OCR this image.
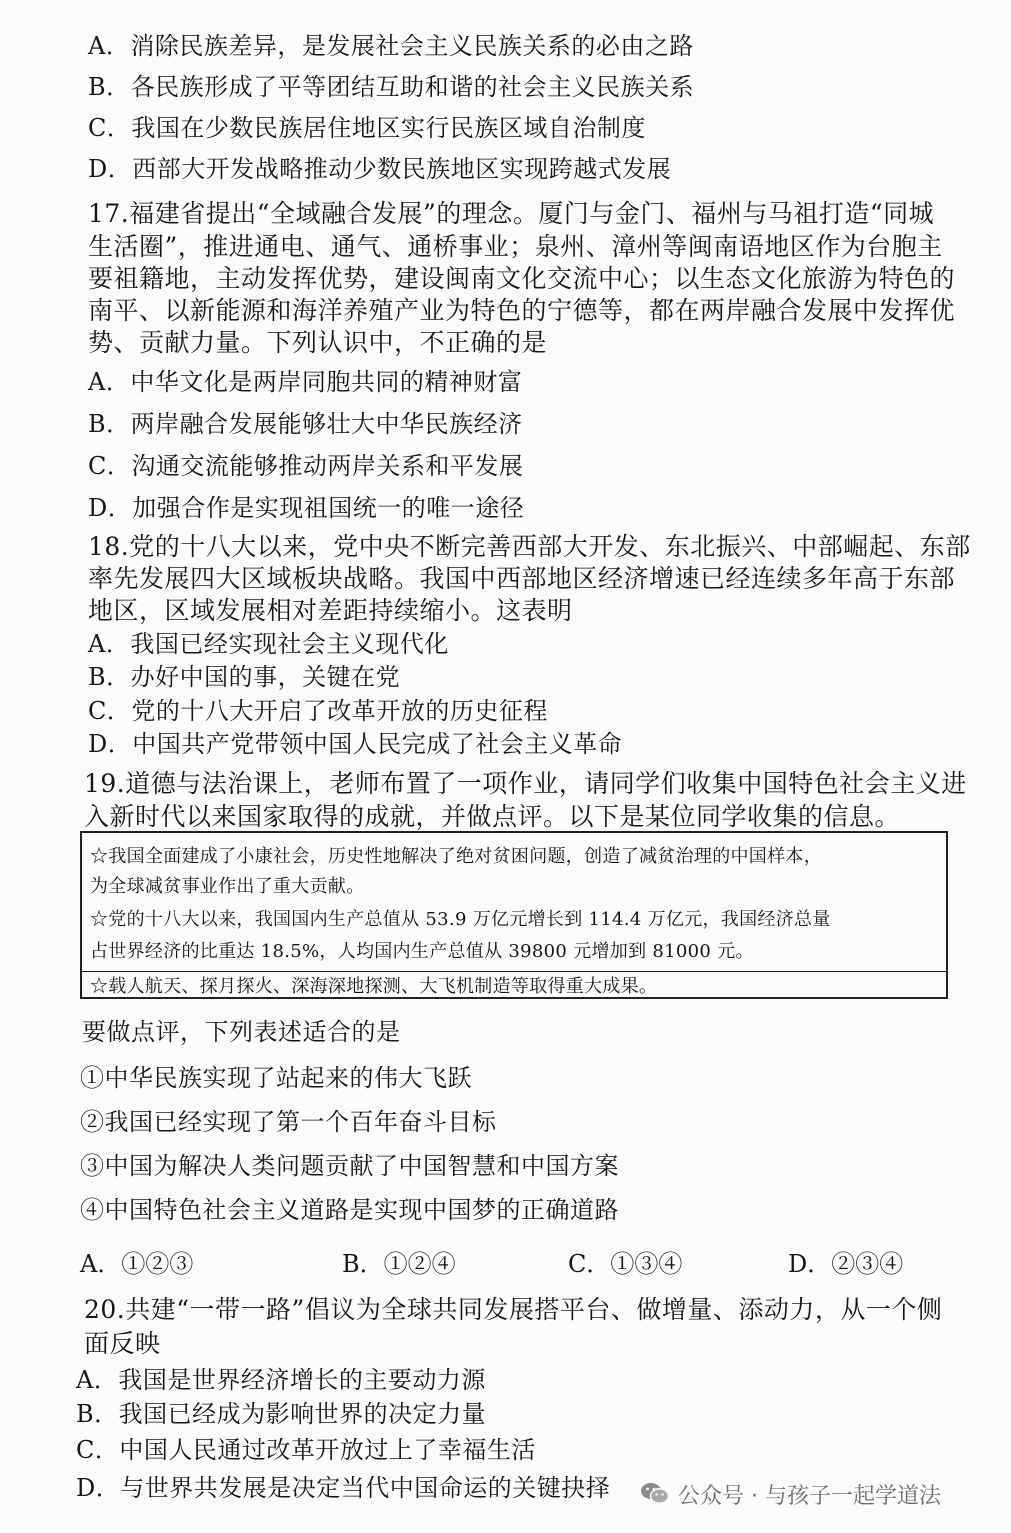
A．消除民族差异，是发展社会主义民族关系的必由之路
B．各民族形成了平等团结互助和谐的社会主义民族关系
C．我国在少数民族居住地区实行民族区域自治制度
D．西部大开发战略推动少数民族地区实现跨越式发展
17.福建省提出“全域融合发展”的理念。厦门与金门、福州与马祖打造“同城
生活圈”，推进通电、通气、通桥事业；泉州、漳州等闽南语地区作为台胞主
要祖籍地，主动发挥优势，建设闽南文化交流中心；以生态文化旅游为特色的
南平、以新能源和海洋养殖产业为特色的宁德等，都在两岸融合发展中发挥优
势、贡献力量。下列认识中，不正确的是
A．中华文化是两岸同胞共同的精神财富
B．两岸融合发展能够壮大中华民族经济
C．沟通交流能够推动两岸关系和平发展
D．加强合作是实现祖国统一的唯一途径
18.党的十八大以来，党中央不断完善西部大开发、东北振兴、中部崛起、东部
率先发展四大区域板块战略。我国中西部地区经济增速已经连续多年高于东部
地区，区域发展相对差距持续缩小。这表明
A．我国已经实现社会主义现代化
B．办好中国的事，关键在党
C．党的十八大开启了改革开放的历史征程
D．中国共产党带领中国人民完成了社会主义革命
19.道德与法治课上，老师布置了一项作业，请同学们收集中国特色社会主义进
入新时代以来国家取得的成就，并做点评。以下是某位同学收集的信息。
☆我国全面建成了小康社会，历史性地解决了绝对贫困问题，创造了减贫治理的中国样本，
为全球减贫事业作出了重大贡献。
☆党的十八大以来，我国国内生产总值从 53.9 万亿元增长到 114.4 万亿元，我国经济总量
占世界经济的比重达 18.5%，人均国内生产总值从 39800 元增加到 81000 元。
☆载人航天、探月探火、深海深地探测、大飞机制造等取得重大成果。
要做点评，下列表述适合的是
①中华民族实现了站起来的伟大飞跃
②我国已经实现了第一个百年奋斗目标
③中国为解决人类问题贡献了中国智慧和中国方案
④中国特色社会主义道路是实现中国梦的正确道路
A．①②③	B．①②④	C．①③④	D．②③④
20.共建“一带一路”倡议为全球共同发展搭平台、做增量、添动力，从一个侧
面反映
A．我国是世界经济增长的主要动力源
B．我国已经成为影响世界的决定力量
C．中国人民通过改革开放过上了幸福生活
D．与世界共发展是决定当代中国命运的关键抉择	公众号 · 与孩子一起学道法
